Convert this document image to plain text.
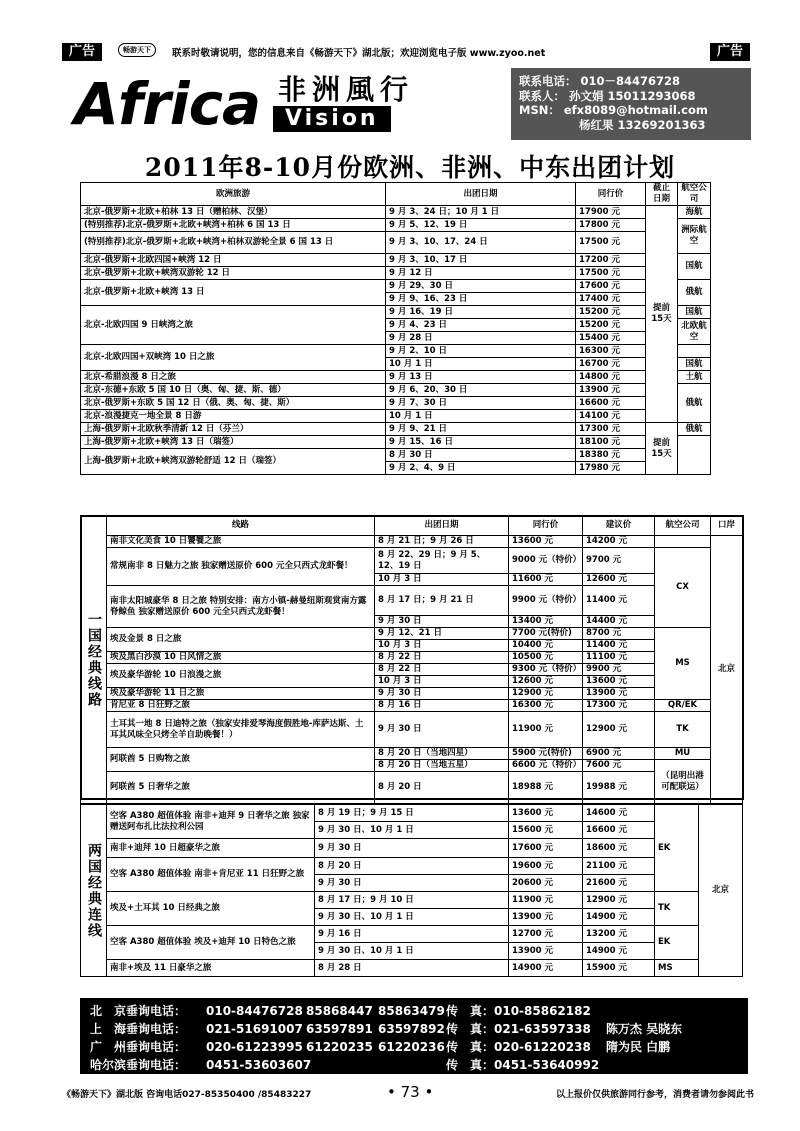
广告	畅游天下	联系时敬请说明，您的信息来自《畅游天下》湖北版；欢迎浏览电子版 www.zyoo.net	广告
Africa 非洲風行
Vision
联系电话： 010－84476728
联系人： 孙文娟 15011293068
MSN： efx8089@hotmail.com
杨红果 13269201363
2011年8-10月份欧洲、非洲、中东出团计划
欧洲旅游	出团日期	同行价	截止日期	航空公司
北京-俄罗斯+北欧+柏林 13 日（赠柏林、汉堡）	9 月 3、24 日；10 月 1 日	17900 元	提前15天	海航
(特别推荐)北京-俄罗斯+北欧+峡湾+柏林 6 国 13 日	9 月 5、12、19 日	17800 元		洲际航空
(特别推荐)北京-俄罗斯+北欧+峡湾+柏林双游轮全景 6 国 13 日	9 月 3、10、17、24 日	17500 元		
北京-俄罗斯+北欧四国+峡湾 12 日	9 月 3、10、17 日	17200 元		国航
北京-俄罗斯+北欧+峡湾双游轮 12 日	9 月 12 日	17500 元		
北京-俄罗斯+北欧+峡湾 13 日	9 月 29、30 日	17600 元		俄航
	9 月 9、16、23 日	17400 元		
北京-北欧四国 9 日峡湾之旅	9 月 16、19 日	15200 元		国航
	9 月 4、23 日	15200 元		北欧航空
	9 月 28 日	15400 元		
北京-北欧四国+双峡湾 10 日之旅	9 月 2、10 日	16300 元		
	10 月 1 日	16700 元		国航
北京-希腊浪漫 8 日之旅	9 月 13 日	14800 元		土航
北京-东德+东欧 5 国 10 日（奥、匈、捷、斯、德）	9 月 6、20、30 日	13900 元		俄航
北京-俄罗斯+东欧 5 国 12 日（俄、奥、匈、捷、斯）	9 月 7、30 日	16600 元		
北京-浪漫捷克一地全景 8 日游	10 月 1 日	14100 元		
上海-俄罗斯+北欧秋季清新 12 日（芬兰）	9 月 9、21 日	17300 元	提前15天	俄航
上海-俄罗斯+北欧+峡湾 13 日（瑞签）	9 月 15、16 日	18100 元		
上海-俄罗斯+北欧+峡湾双游轮舒适 12 日（瑞签）	8 月 30 日	18380 元		
	9 月 2、4、9 日	17980 元		
一国经典线路	线路	出团日期	同行价	建议价	航空公司	口岸
	南非文化美食 10 日饕餮之旅	8 月 21 日；9 月 26 日	13600 元	14200 元		北京
	常规南非 8 日魅力之旅 独家赠送原价 600 元全只西式龙虾餐！	8 月 22、29 日；9 月 5、12、19 日	9000 元（特价）	9700 元	CX	
		10 月 3 日	11600 元	12600 元		
	南非太阳城豪华 8 日之旅 特别安排：南方小镇-赫曼纽斯观赏南方露脊鲸鱼 独家赠送原价 600 元全只西式龙虾餐！	8 月 17 日；9 月 21 日	9900 元（特价）	11400 元		
		9 月 30 日	13400 元	14400 元		
	埃及金景 8 日之旅	9 月 12、21 日	7700 元(特价)	8700 元	MS	
		10 月 3 日	10400 元	11400 元		
	埃及黑白沙漠 10 日风情之旅	8 月 22 日	10500 元	11100 元		
	埃及豪华游轮 10 日浪漫之旅	8 月 22 日	9300 元（特价）	9900 元		
		10 月 3 日	12600 元	13600 元		
	埃及豪华游轮 11 日之旅	9 月 30 日	12900 元	13900 元		
	肯尼亚 8 日狂野之旅	8 月 16 日	16300 元	17300 元	QR/EK	
	土耳其一地 8 日迪特之旅（独家安排爱琴海度假胜地-库萨达斯、土耳其风味全只烤全羊自助晚餐！）	9 月 30 日	11900 元	12900 元	TK	
	阿联酋 5 日购物之旅	8 月 20 日（当地四星）	5900 元(特价)	6900 元	MU	
		8 月 20 日（当地五星）	6600 元（特价）	7600 元	（昆明出港可配联运）	
	阿联酋 5 日奢华之旅	8 月 20 日	18988 元	19988 元		
两国经典连线	空客 A380 超值体验 南非+迪拜 9 日奢华之旅 独家赠送阿布扎比法拉利公园	8 月 19 日；9 月 15 日	13600 元	14600 元	EK	北京
		9 月 30 日、10 月 1 日	15600 元	16600 元		
	南非+迪拜 10 日超豪华之旅	9 月 30 日	17600 元	18600 元		
	空客 A380 超值体验 南非+肯尼亚 11 日狂野之旅	8 月 20 日	19600 元	21100 元		
		9 月 30 日	20600 元	21600 元		
	埃及+土耳其 10 日经典之旅	8 月 17 日；9 月 10 日	11900 元	12900 元	TK	
		9 月 30 日、10 月 1 日	13900 元	14900 元		
	空客 A380 超值体验 埃及+迪拜 10 日特色之旅	9 月 16 日	12700 元	13200 元	EK	
		9 月 30 日、10 月 1 日	13900 元	14900 元		
	南非+埃及 11 日豪华之旅	8 月 28 日	14900 元	15900 元	MS	
北　京垂询电话：	010-84476728 85868447 85863479 传　真：010-85862182
上　海垂询电话：	021-51691007 63597891 63597892 传　真：021-63597338	陈万杰 吴晓东
广　州垂询电话：	020-61223995 61220235 61220236 传　真：020-61220238	隋为民 白鹏
哈尔滨垂询电话：	0451-53603607	传　真：0451-53640992
《畅游天下》湖北版 咨询电话027-85350400 /85483227	• 73 •	以上报价仅供旅游同行参考，消费者请勿参阅此书
